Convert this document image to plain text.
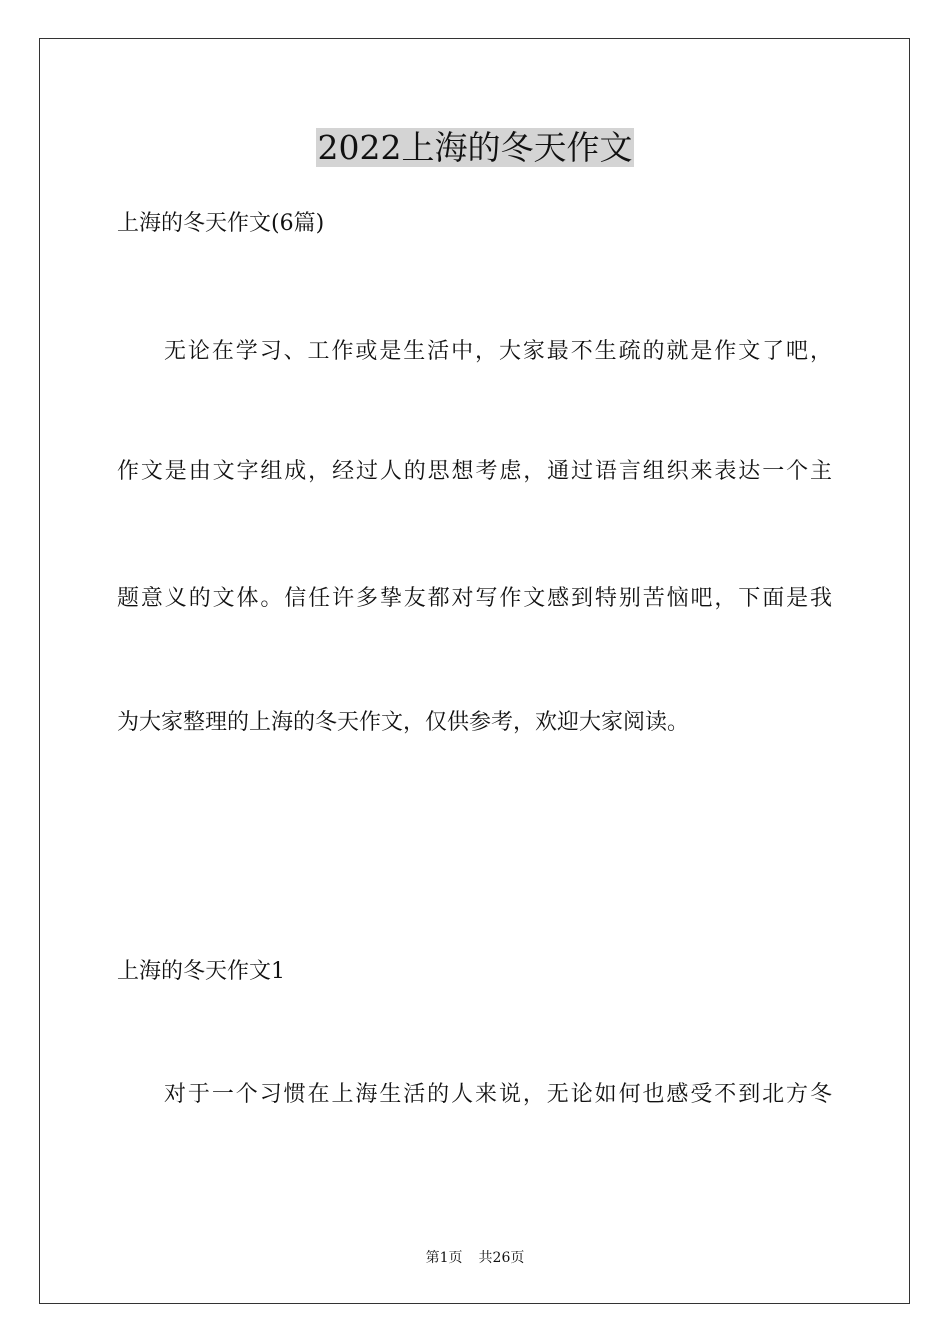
2022上海的冬天作文
上海的冬天作文(6篇)
无论在学习、工作或是生活中，大家最不生疏的就是作文了吧，
作文是由文字组成，经过人的思想考虑，通过语言组织来表达一个主
题意义的文体。信任许多挚友都对写作文感到特别苦恼吧，下面是我
为大家整理的上海的冬天作文，仅供参考，欢迎大家阅读。
上海的冬天作文1
对于一个习惯在上海生活的人来说，无论如何也感受不到北方冬
第1页 共26页
